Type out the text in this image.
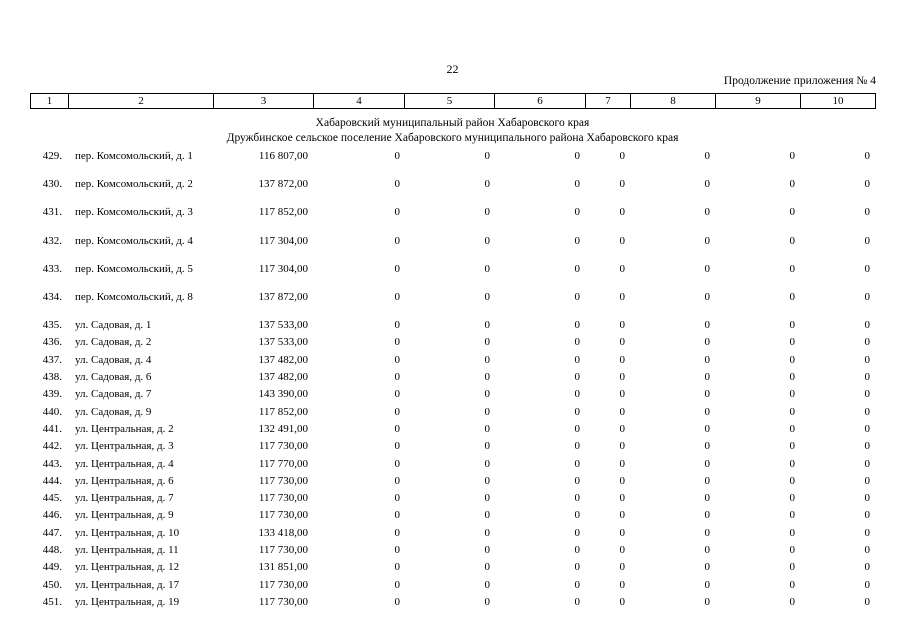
22
Продолжение приложения № 4
1	2	3	4	5	6	7	8	9	10
Хабаровский муниципальный район Хабаровского края
Дружбинское сельское поселение Хабаровского муниципального района Хабаровского края
429. пер. Комсомольский, д. 1	116 807,00	0	0	0	0	0	0	0
430. пер. Комсомольский, д. 2	137 872,00	0	0	0	0	0	0	0
431. пер. Комсомольский, д. 3	117 852,00	0	0	0	0	0	0	0
432. пер. Комсомольский, д. 4	117 304,00	0	0	0	0	0	0	0
433. пер. Комсомольский, д. 5	117 304,00	0	0	0	0	0	0	0
434. пер. Комсомольский, д. 8	137 872,00	0	0	0	0	0	0	0
435. ул. Садовая, д. 1	137 533,00	0	0	0	0	0	0	0
436. ул. Садовая, д. 2	137 533,00	0	0	0	0	0	0	0
437. ул. Садовая, д. 4	137 482,00	0	0	0	0	0	0	0
438. ул. Садовая, д. 6	137 482,00	0	0	0	0	0	0	0
439. ул. Садовая, д. 7	143 390,00	0	0	0	0	0	0	0
440. ул. Садовая, д. 9	117 852,00	0	0	0	0	0	0	0
441. ул. Центральная, д. 2	132 491,00	0	0	0	0	0	0	0
442. ул. Центральная, д. 3	117 730,00	0	0	0	0	0	0	0
443. ул. Центральная, д. 4	117 770,00	0	0	0	0	0	0	0
444. ул. Центральная, д. 6	117 730,00	0	0	0	0	0	0	0
445. ул. Центральная, д. 7	117 730,00	0	0	0	0	0	0	0
446. ул. Центральная, д. 9	117 730,00	0	0	0	0	0	0	0
447. ул. Центральная, д. 10	133 418,00	0	0	0	0	0	0	0
448. ул. Центральная, д. 11	117 730,00	0	0	0	0	0	0	0
449. ул. Центральная, д. 12	131 851,00	0	0	0	0	0	0	0
450. ул. Центральная, д. 17	117 730,00	0	0	0	0	0	0	0
451. ул. Центральная, д. 19	117 730,00	0	0	0	0	0	0	0
